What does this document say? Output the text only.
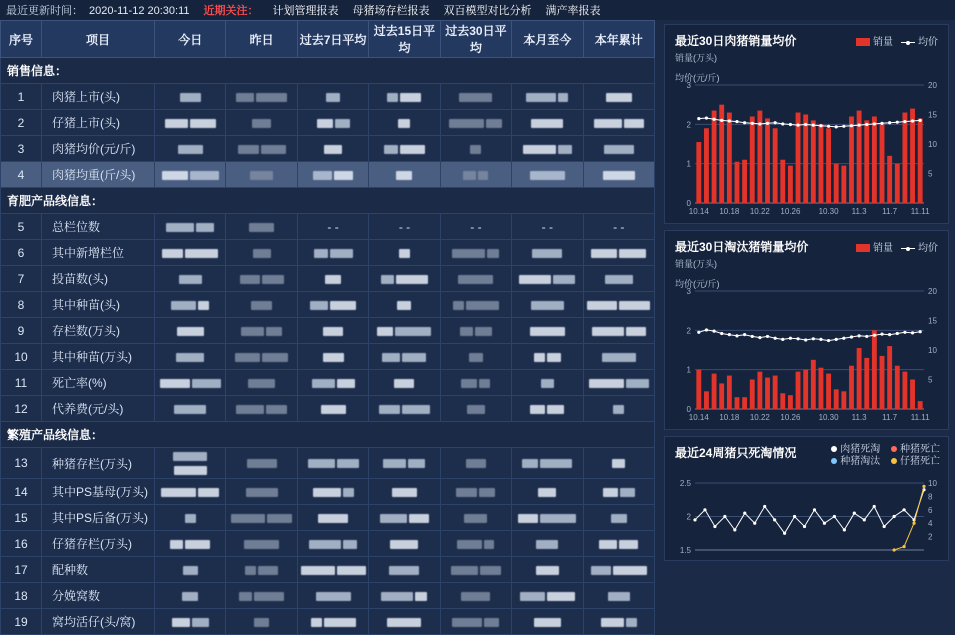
最近更新时间： 2020-11-12 20:30:11 近期关注： 计划管理报表 母猪场存栏报表 双百模型对比分析 满产率报表
序号	项目	今日	昨日	过去7日平均	过去15日平均	过去30日平均	本月至今	本年累计
销售信息：								
1	肉猪上市(头)							
2	仔猪上市(头)							
3	肉猪均价(元/斤)							
4	肉猪均重(斤/头)							
育肥产品线信息：								
5	总栏位数			- -	- -	- -	- -	- -
6	其中新增栏位							
7	投苗数(头)							
8	其中种苗(头)							
9	存栏数(万头)							
10	其中种苗(万头)							
11	死亡率(%)							
12	代养费(元/头)							
繁殖产品线信息：								
13	种猪存栏(万头)							
14	其中PS基母(万头)							
15	其中PS后备(万头)							
16	仔猪存栏(万头)							
17	配种数							
18	分娩窝数							
19	窝均活仔(头/窝)							
最近30日肉猪销量均价	销量	均价
销量(万头)
均价(元/斤)
0
1
2
3
5
10
15
20
10.14 10.18 10.22 10.26 10.30 11.3 11.7 11.11
最近30日淘汰猪销量均价	销量	均价
销量(万头)
均价(元/斤)
0
1
2
3
5
10
15
20
10.14 10.18 10.22 10.26 10.30 11.3 11.7 11.11
最近24周猪只死淘情况	肉猪死淘 种猪死亡
种猪淘汰 仔猪死亡
1.5
2
2.5
2
4
6
8
10
